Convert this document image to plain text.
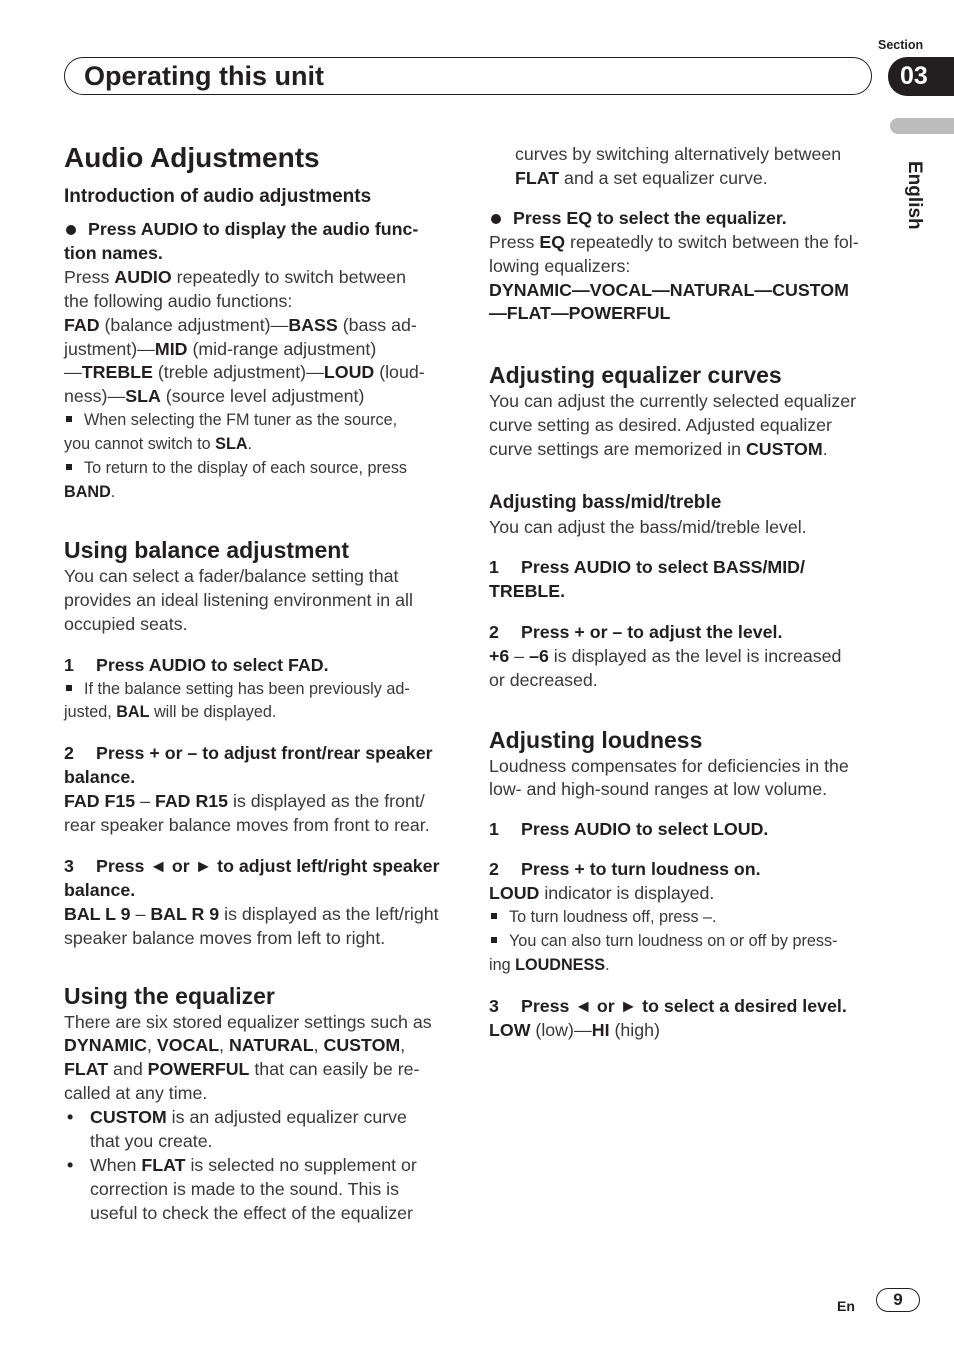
Section
Operating this unit	03
English

Audio Adjustments

Introduction of audio adjustments

Press AUDIO to display the audio func-

tion names.

Press AUDIO repeatedly to switch between

the following audio functions:

FAD (balance adjustment)—BASS (bass ad-

justment)—MID (mid-range adjustment)

—TREBLE (treble adjustment)—LOUD (loud-

ness)—SLA (source level adjustment)

When selecting the FM tuner as the source,

you cannot switch to SLA.

To return to the display of each source, press

BAND.

Using balance adjustment

You can select a fader/balance setting that

provides an ideal listening environment in all

occupied seats.

1 Press AUDIO to select FAD.

If the balance setting has been previously ad-

justed, BAL will be displayed.

2 Press + or – to adjust front/rear speaker

balance.

FAD F15 – FAD R15 is displayed as the front/

rear speaker balance moves from front to rear.

3 Press ◄ or ► to adjust left/right speaker

balance.

BAL L 9 – BAL R 9 is displayed as the left/right

speaker balance moves from left to right.

Using the equalizer

There are six stored equalizer settings such as

DYNAMIC, VOCAL, NATURAL, CUSTOM,

FLAT and POWERFUL that can easily be re-

called at any time.

• CUSTOM is an adjusted equalizer curve
that you create.
• When FLAT is selected no supplement or
correction is made to the sound. This is
useful to check the effect of the equalizer

curves by switching alternatively between

FLAT and a set equalizer curve.

Press EQ to select the equalizer.

Press EQ repeatedly to switch between the fol-

lowing equalizers:

DYNAMIC—VOCAL—NATURAL—CUSTOM

—FLAT—POWERFUL

Adjusting equalizer curves

You can adjust the currently selected equalizer

curve setting as desired. Adjusted equalizer

curve settings are memorized in CUSTOM.

Adjusting bass/mid/treble

You can adjust the bass/mid/treble level.

1 Press AUDIO to select BASS/MID/

TREBLE.

2 Press + or – to adjust the level.

+6 – –6 is displayed as the level is increased

or decreased.

Adjusting loudness

Loudness compensates for deficiencies in the

low- and high-sound ranges at low volume.

1 Press AUDIO to select LOUD.

2 Press + to turn loudness on.

LOUD indicator is displayed.

To turn loudness off, press –.

You can also turn loudness on or off by press-

ing LOUDNESS.

3 Press ◄ or ► to select a desired level.

LOW (low)—HI (high)

En	9
